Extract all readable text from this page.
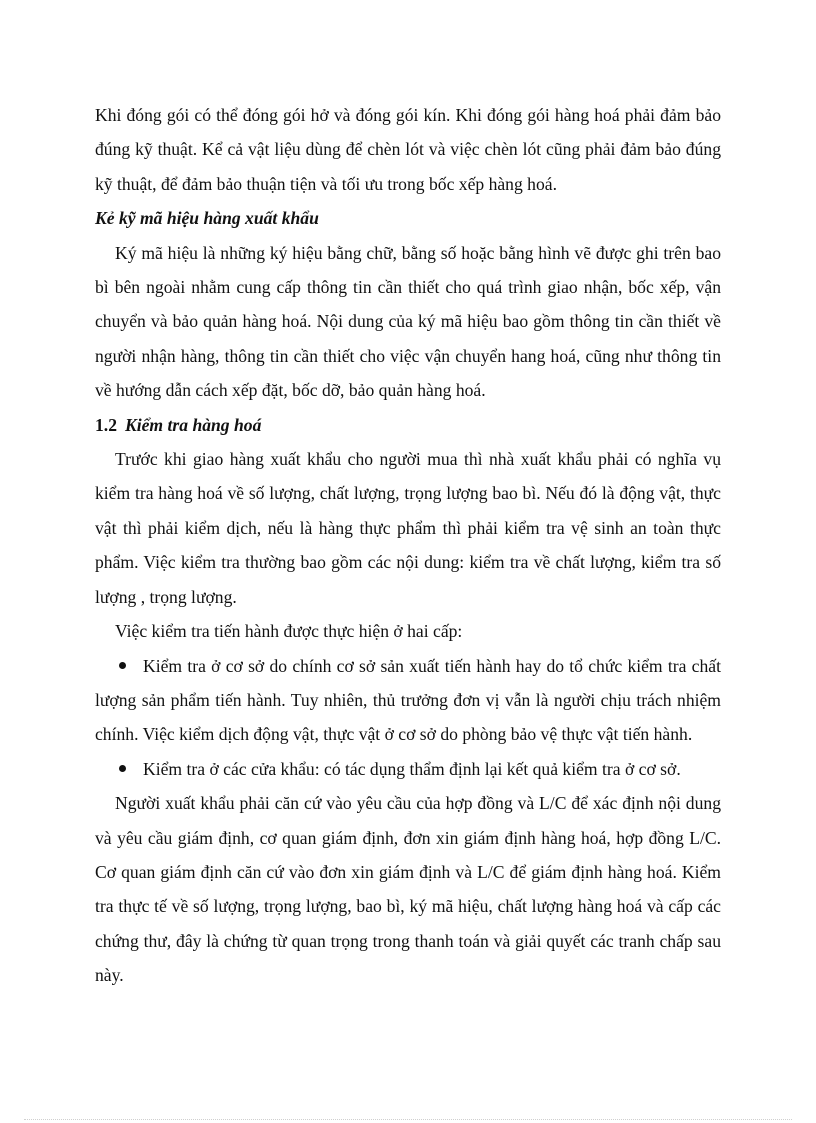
Khi đóng gói có thể đóng gói hở và đóng gói kín. Khi đóng gói hàng hoá phải đảm bảo đúng kỹ thuật. Kể cả vật liệu dùng để chèn lót và việc chèn lót cũng phải đảm bảo đúng kỹ thuật, để đảm bảo thuận tiện và tối ưu trong bốc xếp hàng hoá.

Kẻ kỹ mã hiệu hàng xuất khẩu

Ký mã hiệu là những ký hiệu bằng chữ, bằng số hoặc bằng hình vẽ được ghi trên bao bì bên ngoài nhằm cung cấp thông tin cần thiết cho quá trình giao nhận, bốc xếp, vận chuyển và bảo quản hàng hoá. Nội dung của ký mã hiệu bao gồm thông tin cần thiết về người nhận hàng, thông tin cần thiết cho việc vận chuyển hang hoá, cũng như thông tin về hướng dẫn cách xếp đặt, bốc dỡ, bảo quản hàng hoá.

1.2 Kiểm tra hàng hoá

Trước khi giao hàng xuất khẩu cho người mua thì nhà xuất khẩu phải có nghĩa vụ kiểm tra hàng hoá về số lượng, chất lượng, trọng lượng bao bì. Nếu đó là động vật, thực vật thì phải kiểm dịch, nếu là hàng thực phẩm thì phải kiểm tra vệ sinh an toàn thực phẩm. Việc kiểm tra thường bao gồm các nội dung: kiểm tra về chất lượng, kiểm tra số lượng , trọng lượng.

Việc kiểm tra tiến hành được thực hiện ở hai cấp:

Kiểm tra ở cơ sở do chính cơ sở sản xuất tiến hành hay do tổ chức kiểm tra chất lượng sản phẩm tiến hành. Tuy nhiên, thủ trưởng đơn vị vẫn là người chịu trách nhiệm chính. Việc kiểm dịch động vật, thực vật ở cơ sở do phòng bảo vệ thực vật tiến hành.

Kiểm tra ở các cửa khẩu: có tác dụng thẩm định lại kết quả kiểm tra ở cơ sở.

Người xuất khẩu phải căn cứ vào yêu cầu của hợp đồng và L/C để xác định nội dung và yêu cầu giám định, cơ quan giám định, đơn xin giám định hàng hoá, hợp đồng L/C. Cơ quan giám định căn cứ vào đơn xin giám định và L/C để giám định hàng hoá. Kiểm tra thực tế về số lượng, trọng lượng, bao bì, ký mã hiệu, chất lượng hàng hoá và cấp các chứng thư, đây là chứng từ quan trọng trong thanh toán và giải quyết các tranh chấp sau này.
